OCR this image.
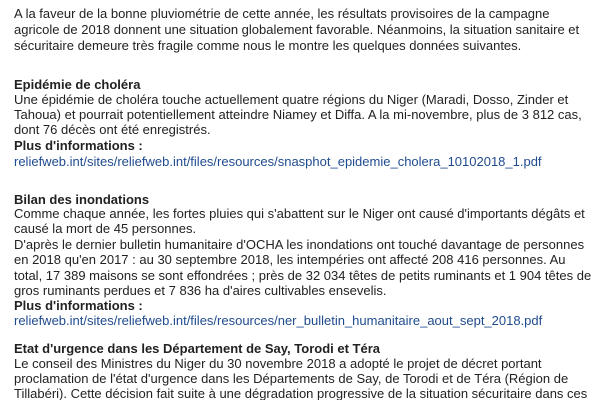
A la faveur de la bonne pluviométrie de cette année, les résultats provisoires de la campagne
agricole de 2018 donnent une situation globalement favorable. Néanmoins, la situation sanitaire et
sécuritaire demeure très fragile comme nous le montre les quelques données suivantes.
Epidémie de choléra
Une épidémie de choléra touche actuellement quatre régions du Niger (Maradi, Dosso, Zinder et
Tahoua) et pourrait potentiellement atteindre Niamey et Diffa. A la mi-novembre, plus de 3 812 cas,
dont 76 décès ont été enregistrés.
Plus d'informations :
reliefweb.int/sites/reliefweb.int/files/resources/snasphot_epidemie_cholera_10102018_1.pdf
Bilan des inondations
Comme chaque année, les fortes pluies qui s'abattent sur le Niger ont causé d'importants dégâts et
causé la mort de 45 personnes.
D'après le dernier bulletin humanitaire d'OCHA les inondations ont touché davantage de personnes
en 2018 qu'en 2017 : au 30 septembre 2018, les intempéries ont affecté 208 416 personnes. Au
total, 17 389 maisons se sont effondrées ; près de 32 034 têtes de petits ruminants et 1 904 têtes de
gros ruminants perdues et 7 836 ha d'aires cultivables ensevelis.
Plus d'informations :
reliefweb.int/sites/reliefweb.int/files/resources/ner_bulletin_humanitaire_aout_sept_2018.pdf
Etat d'urgence dans les Département de Say, Torodi et Téra
Le conseil des Ministres du Niger du 30 novembre 2018 a adopté le projet de décret portant
proclamation de l'état d'urgence dans les Départements de Say, de Torodi et de Téra (Région de
Tillabéri). Cette décision fait suite à une dégradation progressive de la situation sécuritaire dans ces
